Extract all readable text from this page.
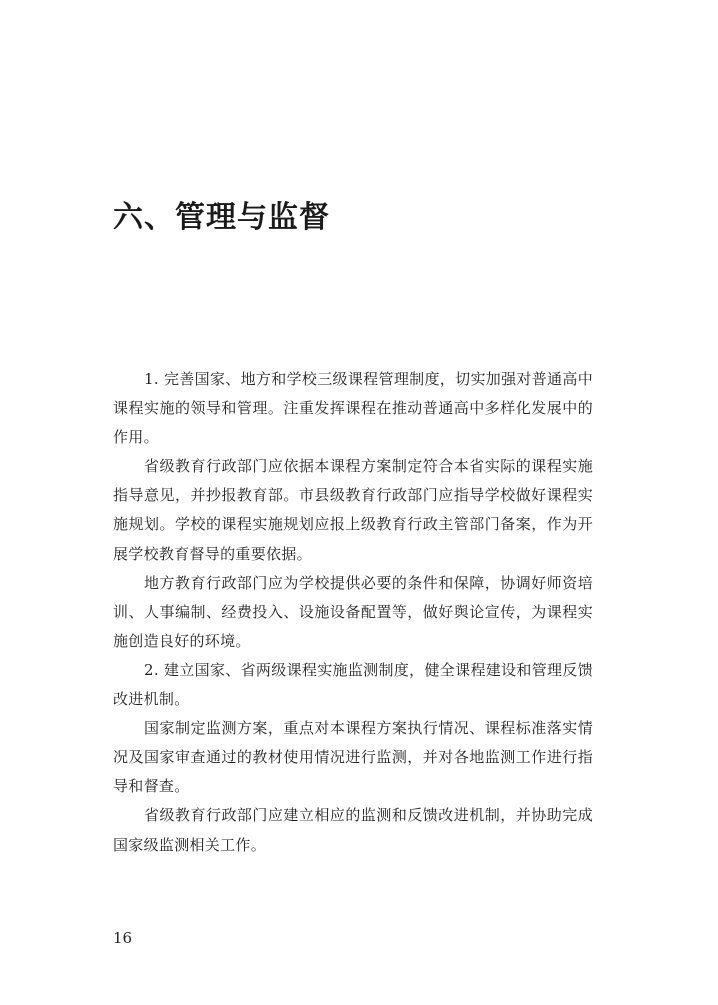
六、管理与监督

1. 完善国家、地方和学校三级课程管理制度，切实加强对普通高中课程实施的领导和管理。注重发挥课程在推动普通高中多样化发展中的作用。

省级教育行政部门应依据本课程方案制定符合本省实际的课程实施指导意见，并抄报教育部。市县级教育行政部门应指导学校做好课程实施规划。学校的课程实施规划应报上级教育行政主管部门备案，作为开展学校教育督导的重要依据。

地方教育行政部门应为学校提供必要的条件和保障，协调好师资培训、人事编制、经费投入、设施设备配置等，做好舆论宣传，为课程实施创造良好的环境。

2. 建立国家、省两级课程实施监测制度，健全课程建设和管理反馈改进机制。

国家制定监测方案，重点对本课程方案执行情况、课程标准落实情况及国家审查通过的教材使用情况进行监测，并对各地监测工作进行指导和督查。

省级教育行政部门应建立相应的监测和反馈改进机制，并协助完成国家级监测相关工作。

16
